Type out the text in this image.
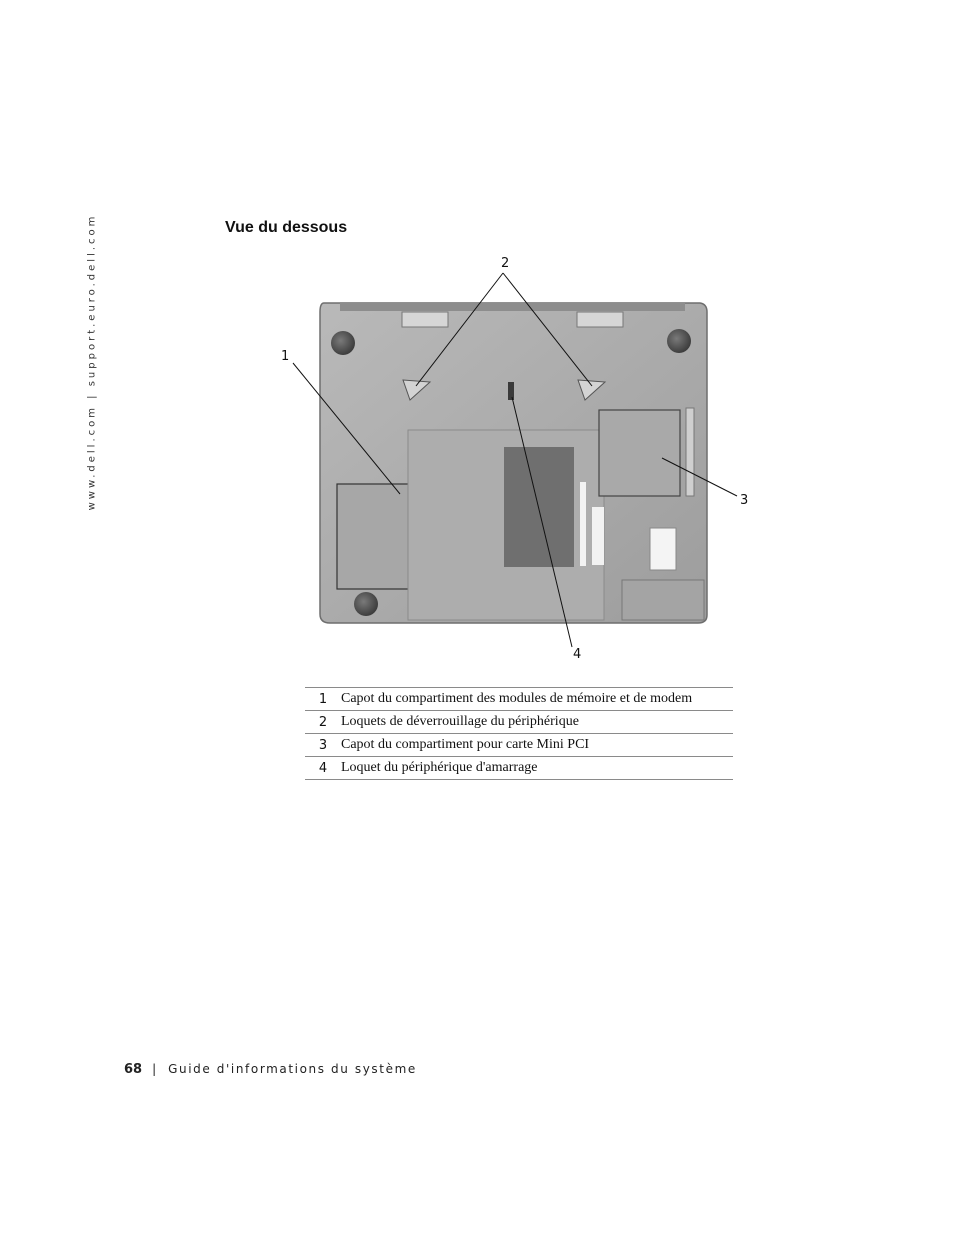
www.dell.com | support.euro.dell.com	Vue du dessous
1
2
3
4
1	Capot du compartiment des modules de mémoire et de modem
2	Loquets de déverrouillage du périphérique
3	Capot du compartiment pour carte Mini PCI
4	Loquet du périphérique d'amarrage
68 | Guide d'informations du système
